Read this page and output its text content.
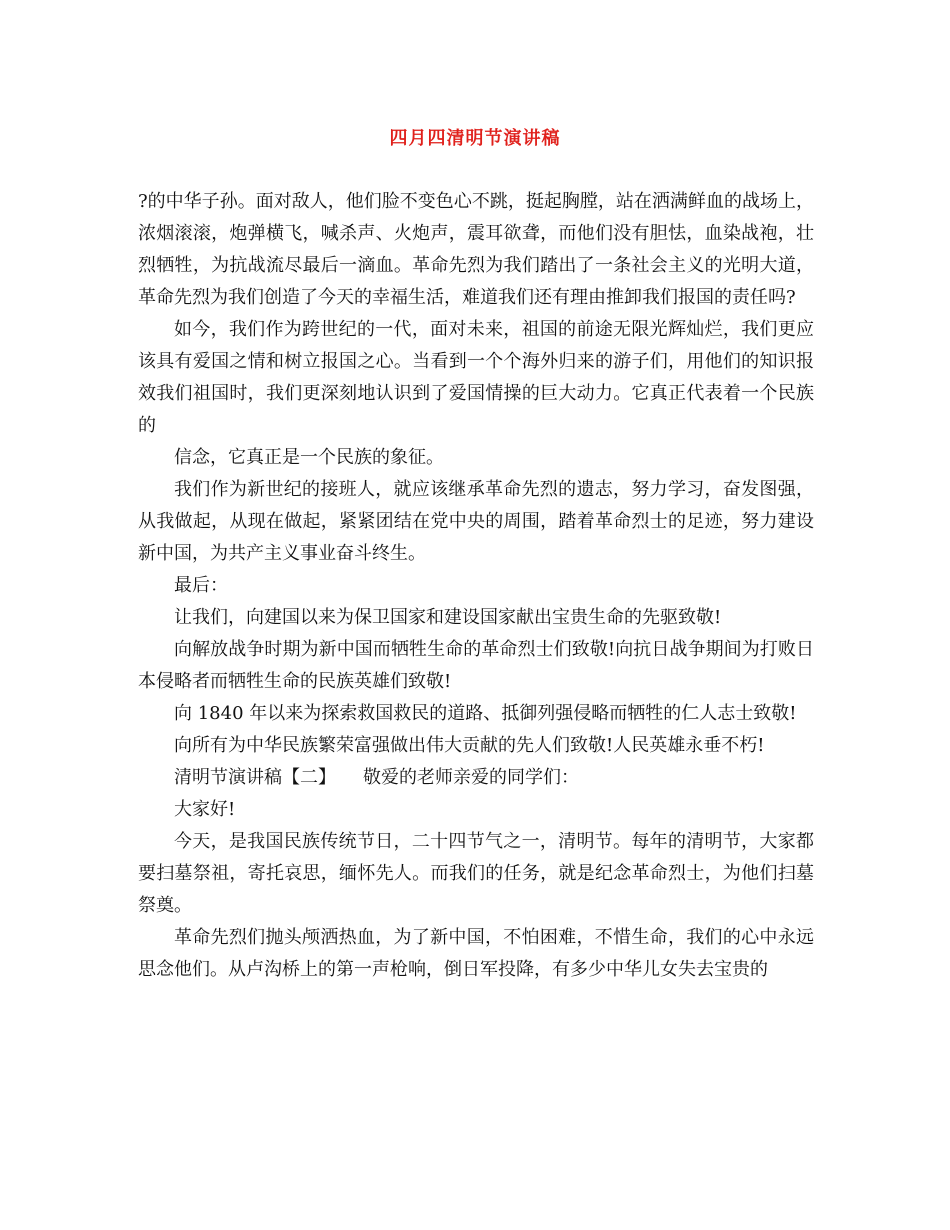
四月四清明节演讲稿

?的中华子孙。面对敌人，他们脸不变色心不跳，挺起胸膛，站在洒满鲜血的战场上，浓烟滚滚，炮弹横飞，喊杀声、火炮声，震耳欲聋，而他们没有胆怯，血染战袍，壮烈牺牲，为抗战流尽最后一滴血。革命先烈为我们踏出了一条社会主义的光明大道，革命先烈为我们创造了今天的幸福生活，难道我们还有理由推卸我们报国的责任吗?

如今，我们作为跨世纪的一代，面对未来，祖国的前途无限光辉灿烂，我们更应该具有爱国之情和树立报国之心。当看到一个个海外归来的游子们，用他们的知识报效我们祖国时，我们更深刻地认识到了爱国情操的巨大动力。它真正代表着一个民族的

信念，它真正是一个民族的象征。

我们作为新世纪的接班人，就应该继承革命先烈的遗志，努力学习，奋发图强，从我做起，从现在做起，紧紧团结在党中央的周围，踏着革命烈士的足迹，努力建设新中国，为共产主义事业奋斗终生。

最后：

让我们，向建国以来为保卫国家和建设国家献出宝贵生命的先驱致敬!

向解放战争时期为新中国而牺牲生命的革命烈士们致敬!向抗日战争期间为打败日本侵略者而牺牲生命的民族英雄们致敬!

向 1840 年以来为探索救国救民的道路、抵御列强侵略而牺牲的仁人志士致敬!

向所有为中华民族繁荣富强做出伟大贡献的先人们致敬!人民英雄永垂不朽!

清明节演讲稿【二】　　敬爱的老师亲爱的同学们：

大家好!

今天，是我国民族传统节日，二十四节气之一，清明节。每年的清明节，大家都要扫墓祭祖，寄托哀思，缅怀先人。而我们的任务，就是纪念革命烈士，为他们扫墓祭奠。

革命先烈们抛头颅洒热血，为了新中国，不怕困难，不惜生命，我们的心中永远思念他们。从卢沟桥上的第一声枪响，倒日军投降，有多少中华儿女失去宝贵的
